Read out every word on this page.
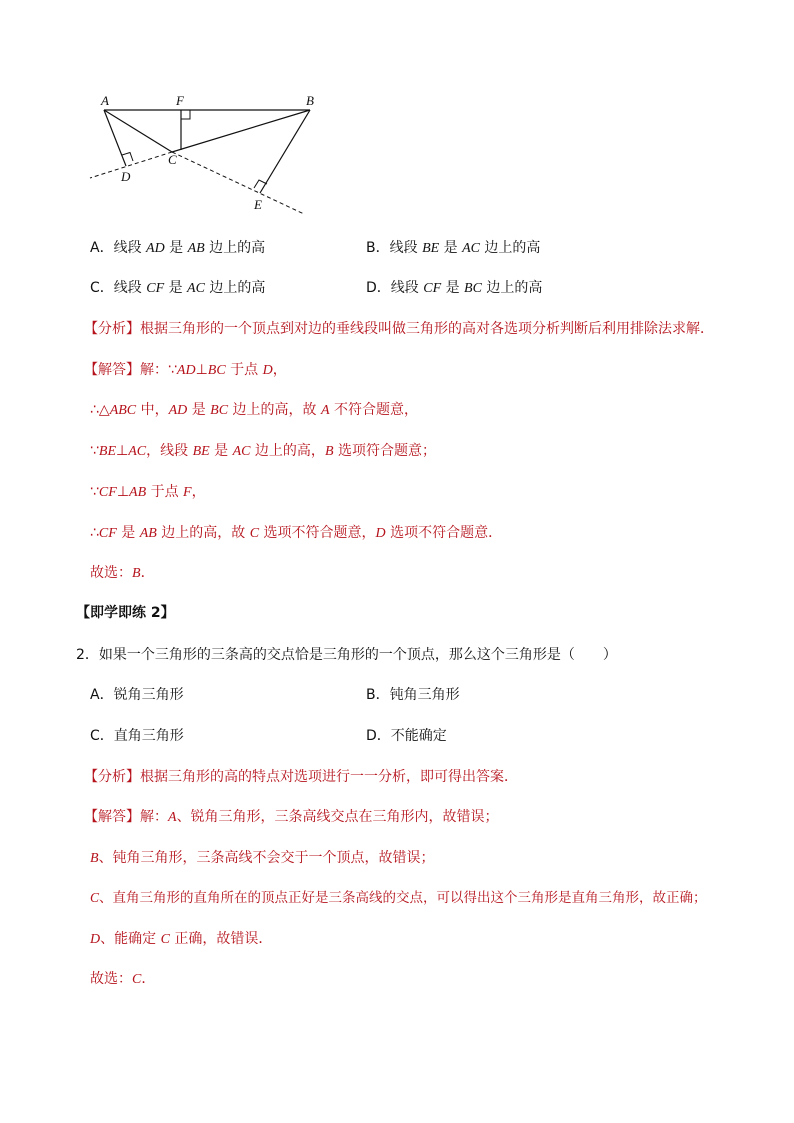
A	F	B
C
D
E
A．线段 AD 是 AB 边上的高	B．线段 BE 是 AC 边上的高
C．线段 CF 是 AC 边上的高	D．线段 CF 是 BC 边上的高
【分析】根据三角形的一个顶点到对边的垂线段叫做三角形的高对各选项分析判断后利用排除法求解．
【解答】解：∵AD⊥BC 于点 D，
∴△ABC 中，AD 是 BC 边上的高，故 A 不符合题意，
∵BE⊥AC，线段 BE 是 AC 边上的高，B 选项符合题意；
∵CF⊥AB 于点 F，
∴CF 是 AB 边上的高，故 C 选项不符合题意，D 选项不符合题意．
故选：B．
【即学即练 2】
2．如果一个三角形的三条高的交点恰是三角形的一个顶点，那么这个三角形是（　　）
A．锐角三角形	B．钝角三角形
C．直角三角形	D．不能确定
【分析】根据三角形的高的特点对选项进行一一分析，即可得出答案．
【解答】解：A、锐角三角形，三条高线交点在三角形内，故错误；
B、钝角三角形，三条高线不会交于一个顶点，故错误；
C、直角三角形的直角所在的顶点正好是三条高线的交点，可以得出这个三角形是直角三角形，故正确；
D、能确定 C 正确，故错误．
故选：C．
